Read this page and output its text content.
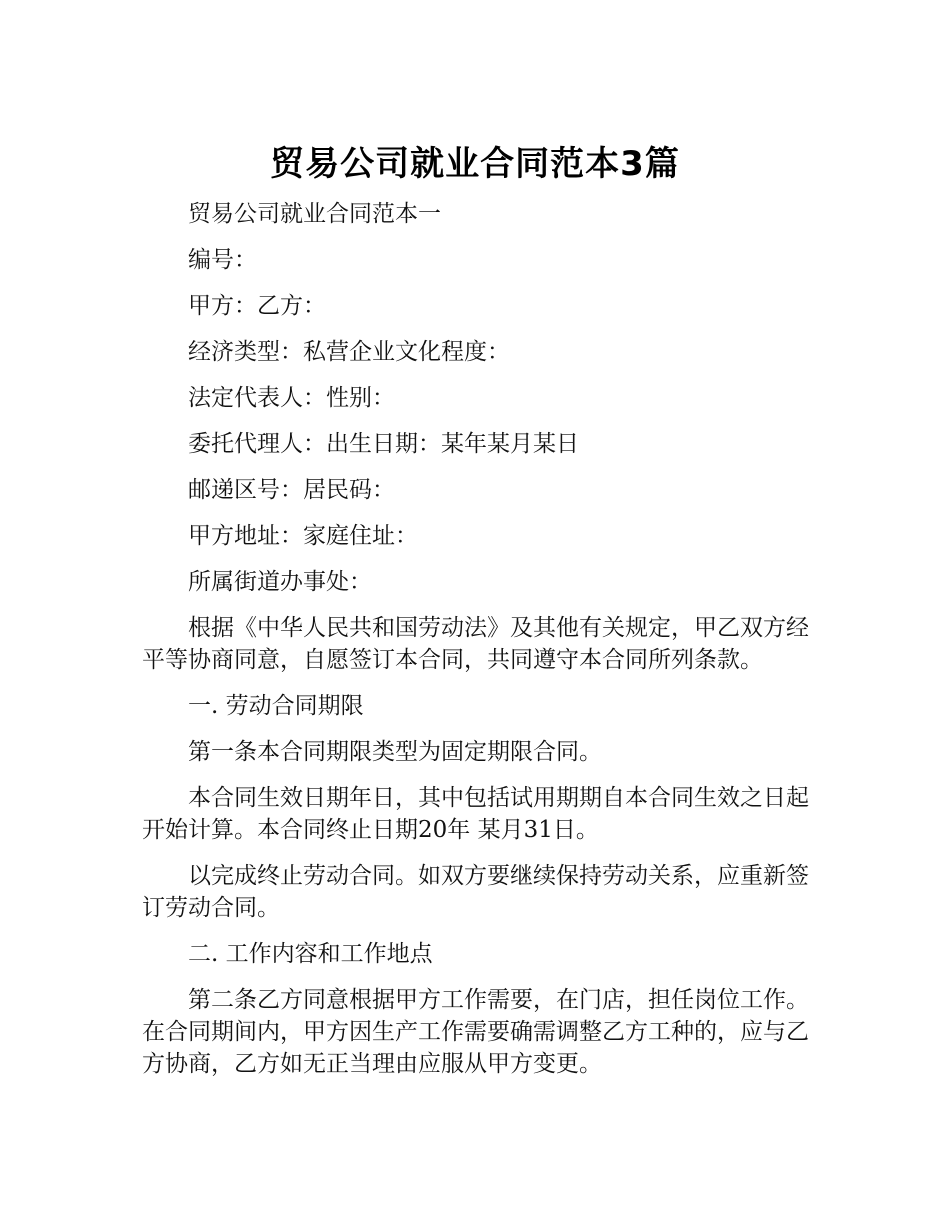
贸易公司就业合同范本3篇

贸易公司就业合同范本一

编号：

甲方：乙方：

经济类型：私营企业文化程度：

法定代表人：性别：

委托代理人：出生日期：某年某月某日

邮递区号：居民码：

甲方地址：家庭住址：

所属街道办事处：

根据《中华人民共和国劳动法》及其他有关规定，甲乙双方经平等协商同意，自愿签订本合同，共同遵守本合同所列条款。

一. 劳动合同期限

第一条本合同期限类型为固定期限合同。

本合同生效日期年日，其中包括试用期期自本合同生效之日起开始计算。本合同终止日期20年 某月31日。

以完成终止劳动合同。如双方要继续保持劳动关系，应重新签订劳动合同。

二. 工作内容和工作地点

第二条乙方同意根据甲方工作需要，在门店，担任岗位工作。在合同期间内，甲方因生产工作需要确需调整乙方工种的，应与乙方协商，乙方如无正当理由应服从甲方变更。
